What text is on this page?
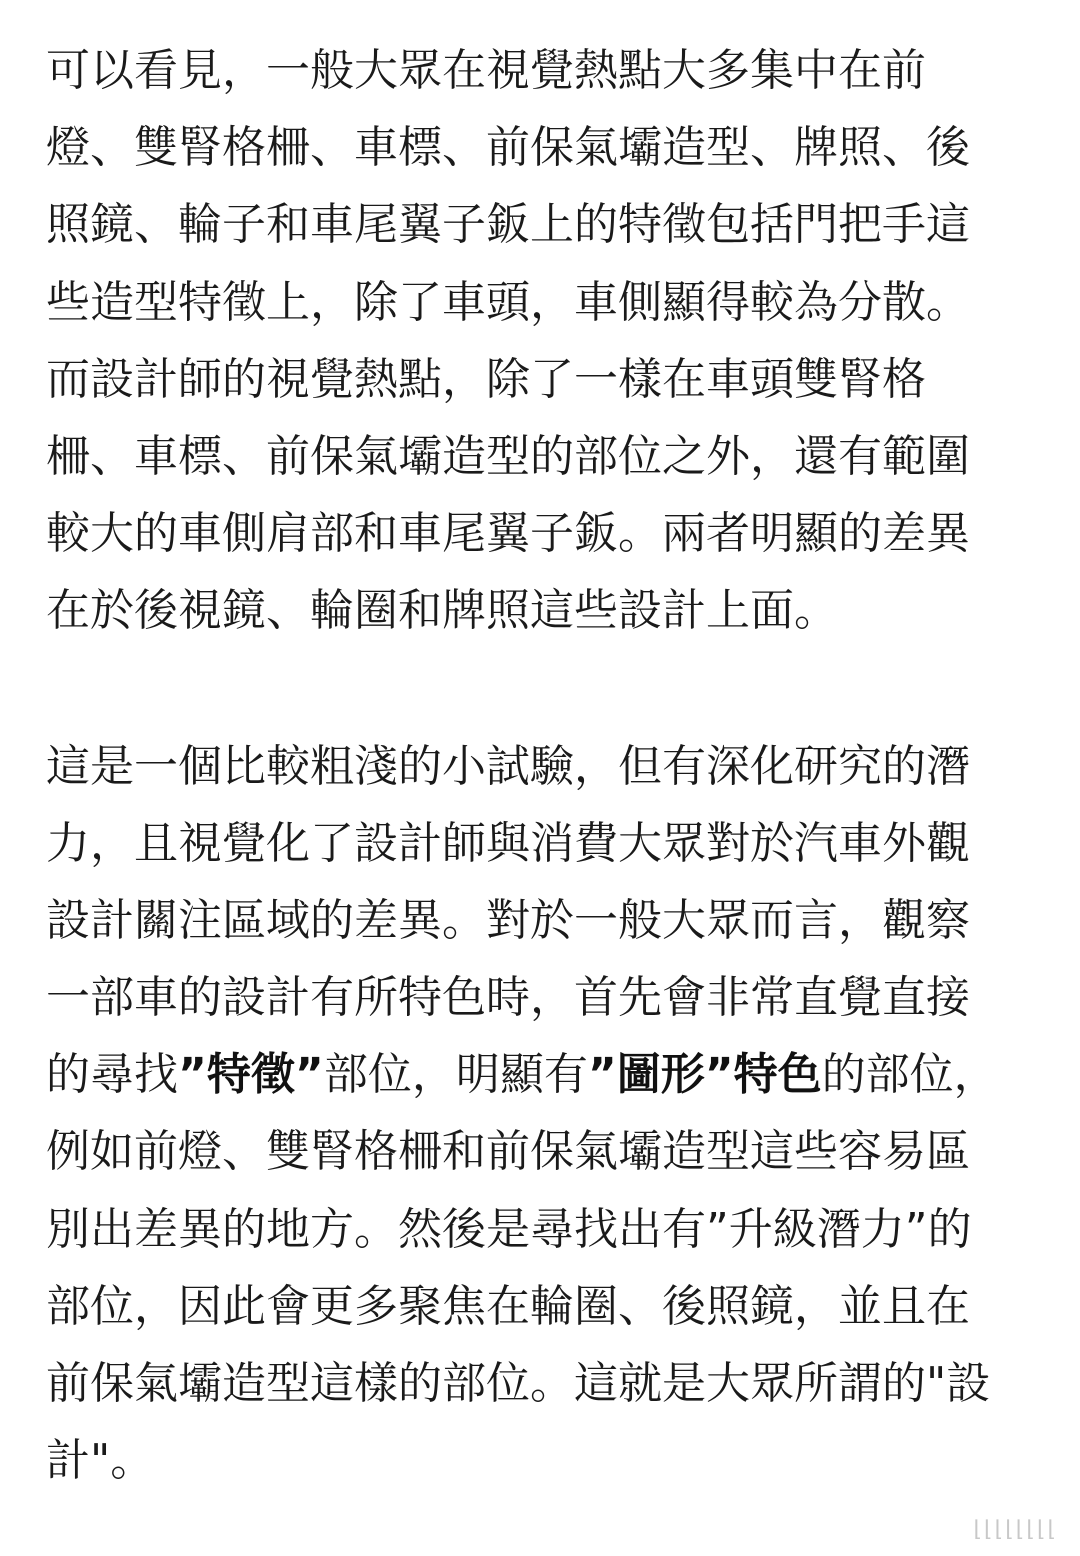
可以看見，一般大眾在視覺熱點大多集中在前
燈、雙腎格柵、車標、前保氣壩造型、牌照、後
照鏡、輪子和車尾翼子鈑上的特徵包括門把手這
些造型特徵上，除了車頭，車側顯得較為分散。
而設計師的視覺熱點，除了一樣在車頭雙腎格
柵、車標、前保氣壩造型的部位之外，還有範圍
較大的車側肩部和車尾翼子鈑。兩者明顯的差異
在於後視鏡、輪圈和牌照這些設計上面。
這是一個比較粗淺的小試驗，但有深化研究的潛
力，且視覺化了設計師與消費大眾對於汽車外觀
設計關注區域的差異。對於一般大眾而言，觀察
一部車的設計有所特色時，首先會非常直覺直接
的尋找”特徵”部位，明顯有”圖形”特色的部位，
例如前燈、雙腎格柵和前保氣壩造型這些容易區
別出差異的地方。然後是尋找出有”升級潛力”的
部位，因此會更多聚焦在輪圈、後照鏡，並且在
前保氣壩造型這樣的部位。這就是大眾所謂的"設
計"。
⌊⌊⌊⌊⌊⌊⌊⌊
